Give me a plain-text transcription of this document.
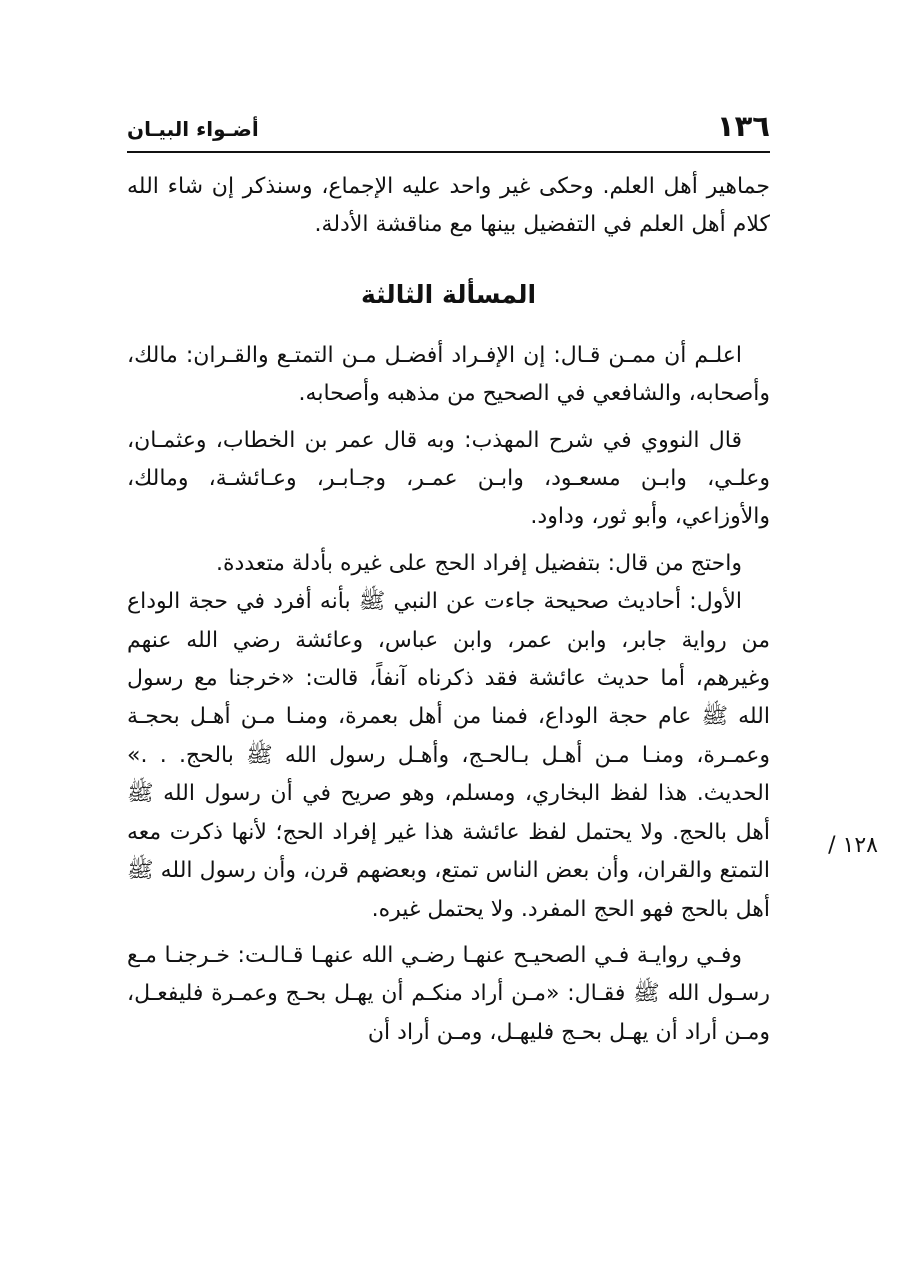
١٣٦
أضـواء البيـان

جماهير أهل العلم. وحكى غير واحد عليه الإجماع، وسنذكر إن شاء الله كلام أهل العلم في التفضيل بينها مع مناقشة الأدلة.

المسألة الثالثة

اعلـم أن ممـن قـال: إن الإفـراد أفضـل مـن التمتـع والقـران: مالك، وأصحابه، والشافعي في الصحيح من مذهبه وأصحابه.

قال النووي في شرح المهذب: وبه قال عمر بن الخطاب، وعثمـان، وعلـي، وابـن مسعـود، وابـن عمـر، وجـابـر، وعـائشـة، ومالك، والأوزاعي، وأبو ثور، وداود.

واحتج من قال: بتفضيل إفراد الحج على غيره بأدلة متعددة.

الأول: أحاديث صحيحة جاءت عن النبي ﷺ بأنه أفرد في حجة الوداع من رواية جابر، وابن عمر، وابن عباس، وعائشة رضي الله عنهم وغيرهم، أما حديث عائشة فقد ذكرناه آنفاً، قالت: «خرجنا مع رسول الله ﷺ عام حجة الوداع، فمنا من أهل بعمرة، ومنـا مـن أهـل بحجـة وعمـرة، ومنـا مـن أهـل بـالحـج، وأهـل رسول الله ﷺ بالحج. . .» الحديث. هذا لفظ البخاري، ومسلم، وهو صريح في أن رسول الله ﷺ أهل بالحج. ولا يحتمل لفظ عائشة هذا غير إفراد الحج؛ لأنها ذكرت معه التمتع والقران، وأن بعض الناس تمتع، وبعضهم قرن، وأن رسول الله ﷺ أهل بالحج فهو الحج المفرد. ولا يحتمل غيره.

وفـي روايـة فـي الصحيـح عنهـا رضـي الله عنهـا قـالـت: خـرجنـا مـع رسـول الله ﷺ فقـال: «مـن أراد منكـم أن يهـل بحـج وعمـرة فليفعـل، ومـن أراد أن يهـل بحـج فليهـل، ومـن أراد أن

١٢٨ /
